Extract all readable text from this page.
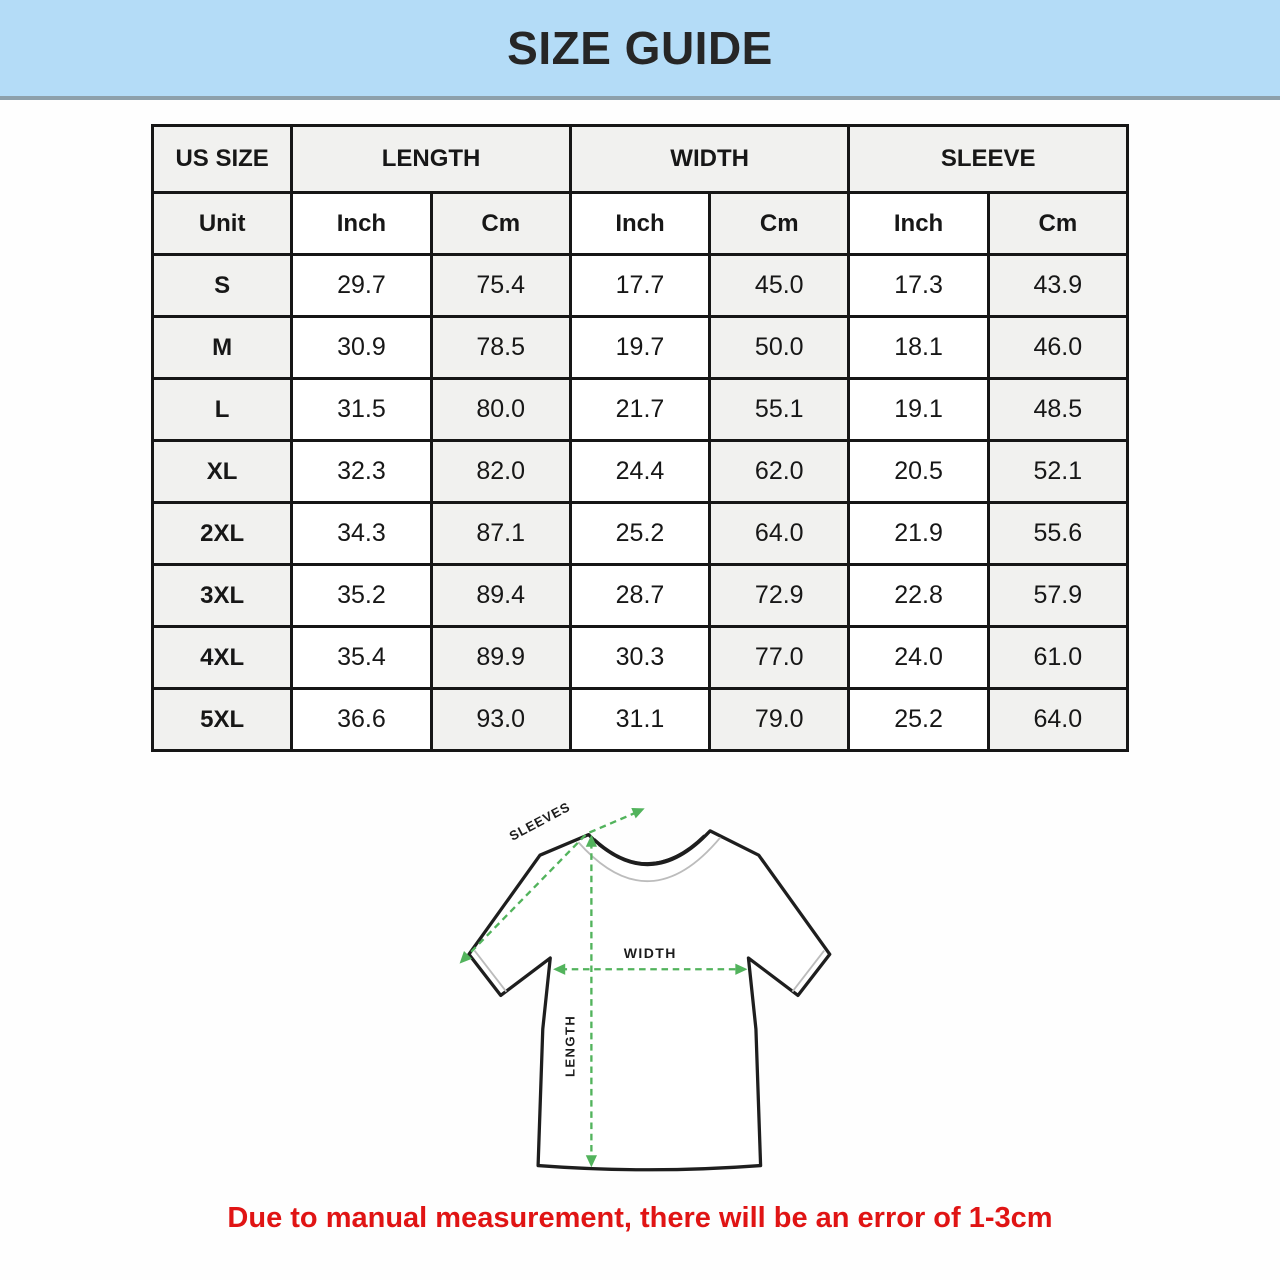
SIZE GUIDE
US SIZE	LENGTH		WIDTH		SLEEVE	
Unit	Inch	Cm	Inch	Cm	Inch	Cm
S	29.7	75.4	17.7	45.0	17.3	43.9
M	30.9	78.5	19.7	50.0	18.1	46.0
L	31.5	80.0	21.7	55.1	19.1	48.5
XL	32.3	82.0	24.4	62.0	20.5	52.1
2XL	34.3	87.1	25.2	64.0	21.9	55.6
3XL	35.2	89.4	28.7	72.9	22.8	57.9
4XL	35.4	89.9	30.3	77.0	24.0	61.0
5XL	36.6	93.0	31.1	79.0	25.2	64.0
WIDTH
LENGTH
SLEEVES

Due to manual measurement, there will be an error of 1-3cm
